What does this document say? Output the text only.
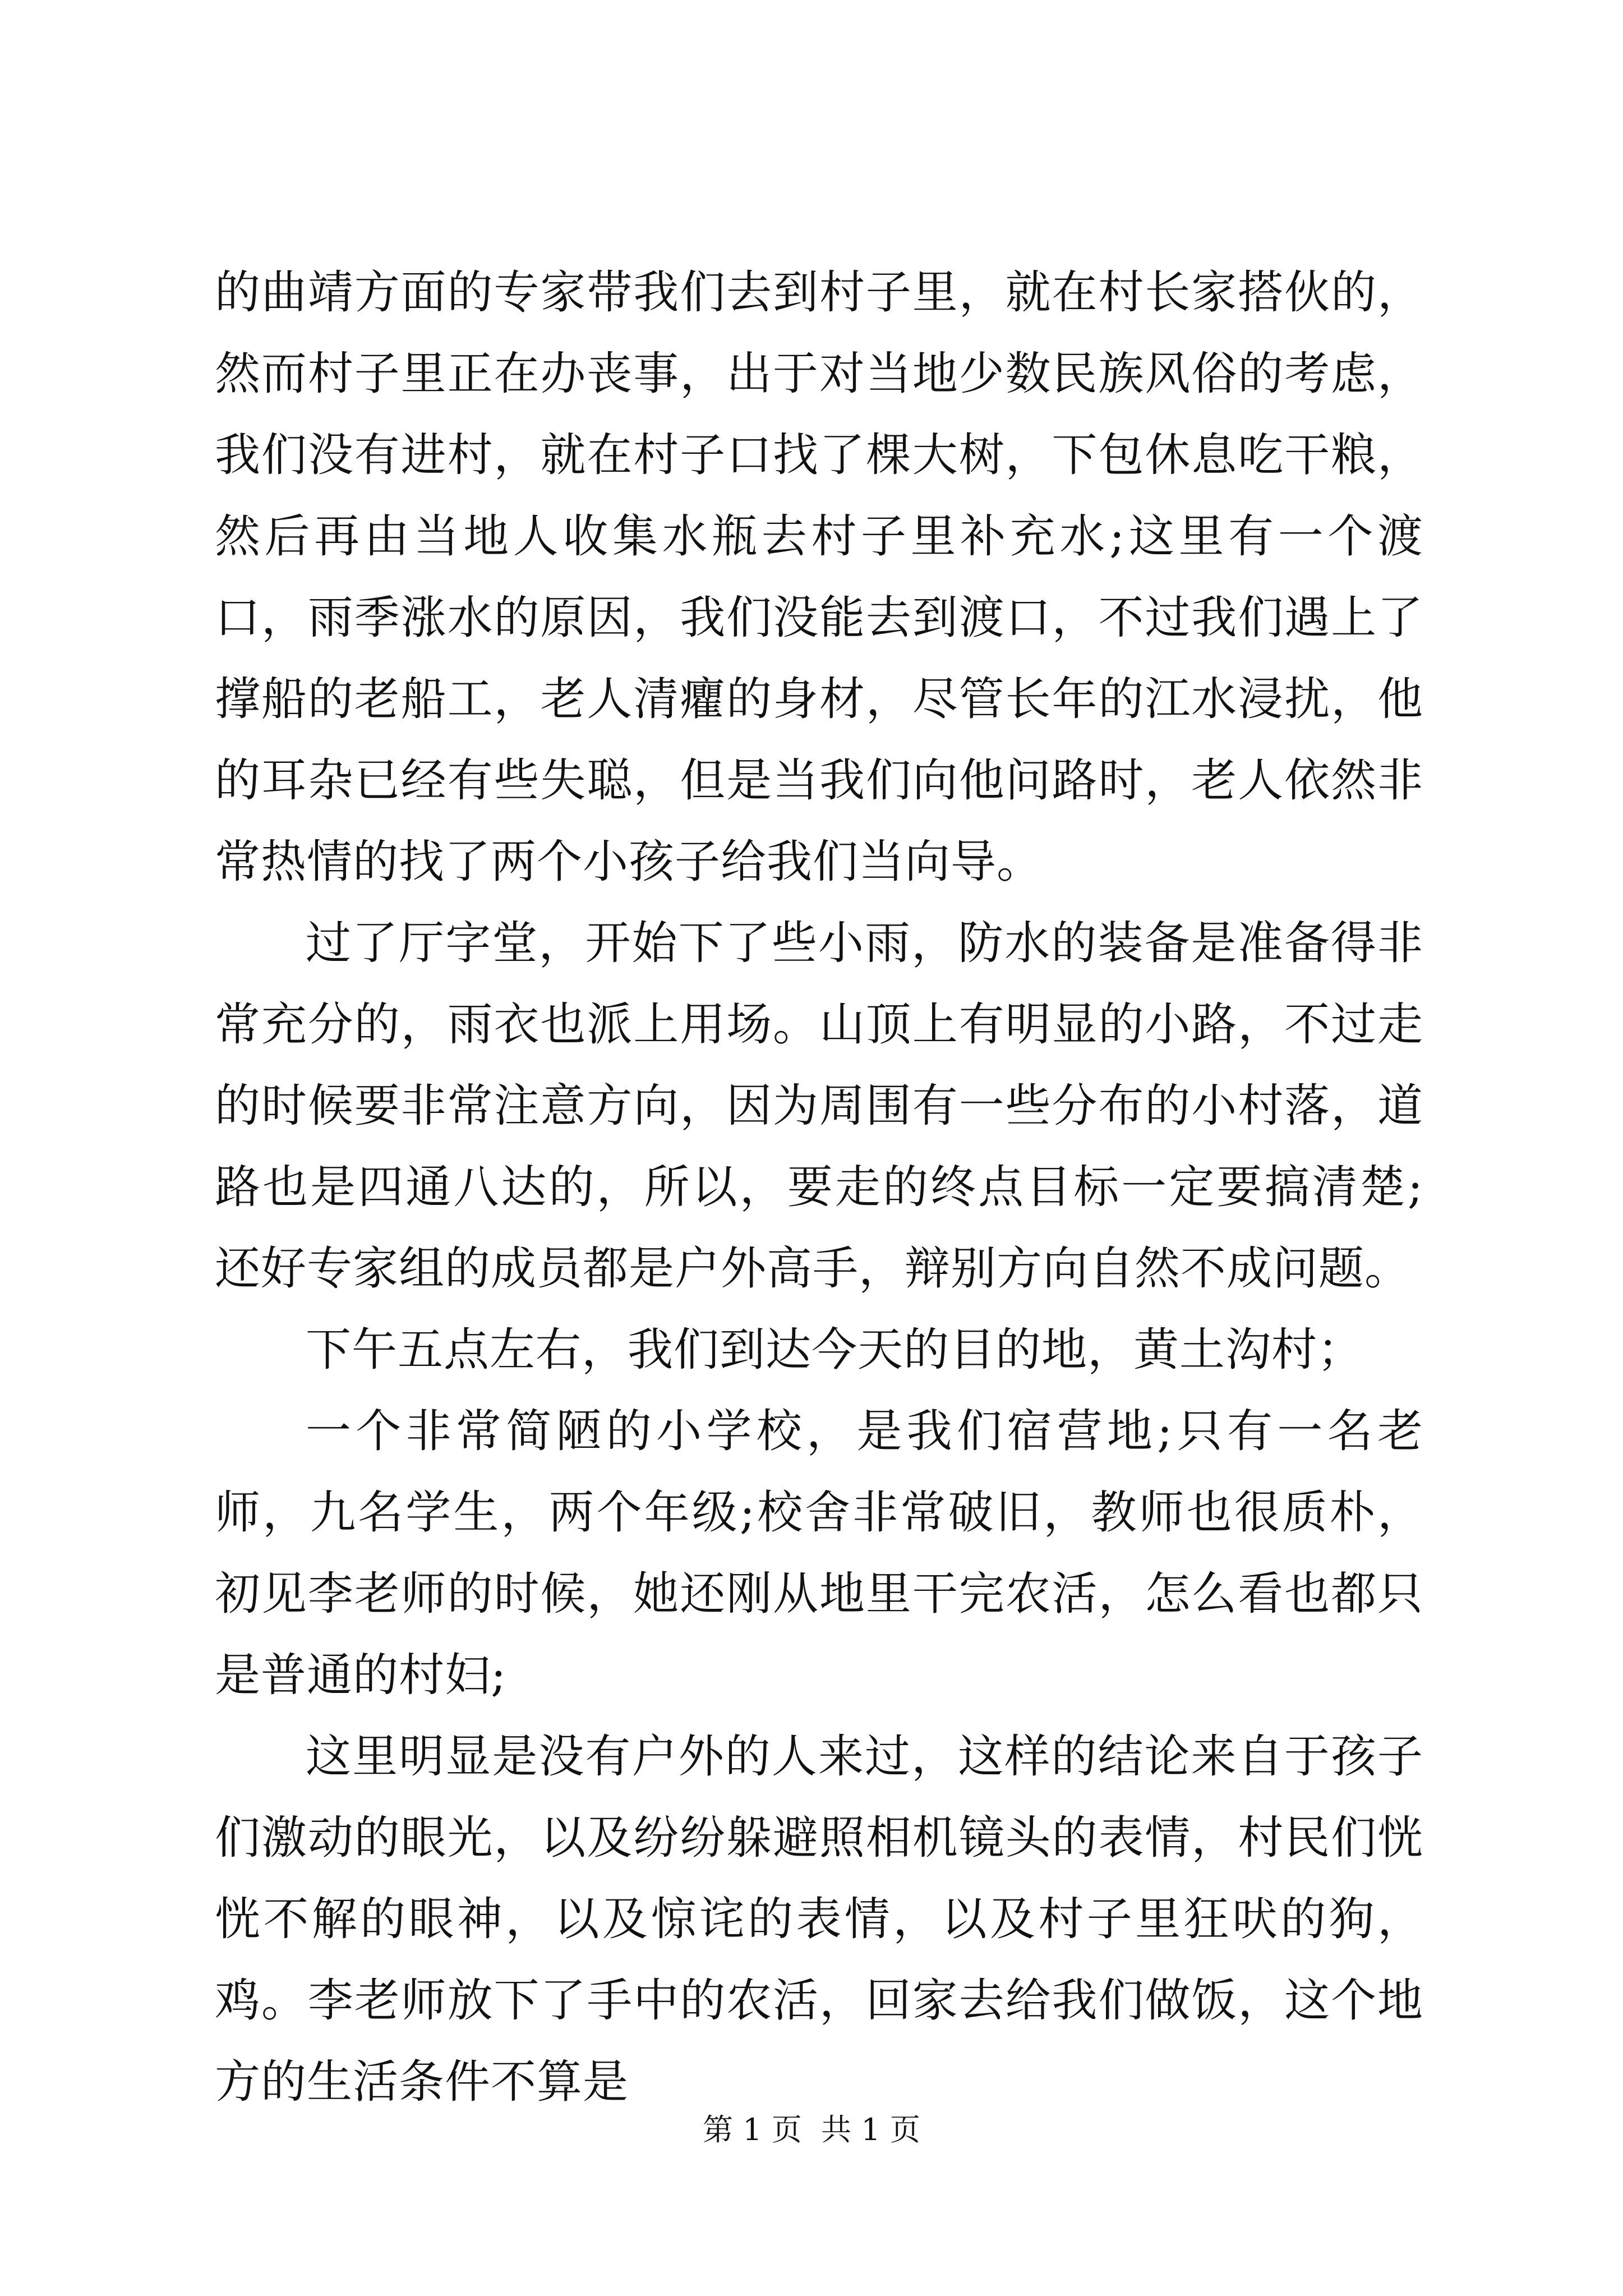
的曲靖方面的专家带我们去到村子里，就在村长家搭伙的，然而村子里正在办丧事，出于对当地少数民族风俗的考虑，我们没有进村，就在村子口找了棵大树，下包休息吃干粮，然后再由当地人收集水瓶去村子里补充水;这里有一个渡口，雨季涨水的原因，我们没能去到渡口，不过我们遇上了撑船的老船工，老人清癯的身材，尽管长年的江水浸扰，他的耳杂已经有些失聪，但是当我们向他问路时，老人依然非常热情的找了两个小孩子给我们当向导。

过了厅字堂，开始下了些小雨，防水的装备是准备得非常充分的，雨衣也派上用场。山顶上有明显的小路，不过走的时候要非常注意方向，因为周围有一些分布的小村落，道路也是四通八达的，所以，要走的终点目标一定要搞清楚;还好专家组的成员都是户外高手，辩别方向自然不成问题。

下午五点左右，我们到达今天的目的地，黄土沟村；

一个非常简陋的小学校，是我们宿营地;只有一名老师，九名学生，两个年级;校舍非常破旧，教师也很质朴，初见李老师的时候，她还刚从地里干完农活，怎么看也都只是普通的村妇;

这里明显是没有户外的人来过，这样的结论来自于孩子们激动的眼光，以及纷纷躲避照相机镜头的表情，村民们恍恍不解的眼神，以及惊诧的表情，以及村子里狂吠的狗，鸡。李老师放下了手中的农活，回家去给我们做饭，这个地方的生活条件不算是

第 1 页  共 1 页
